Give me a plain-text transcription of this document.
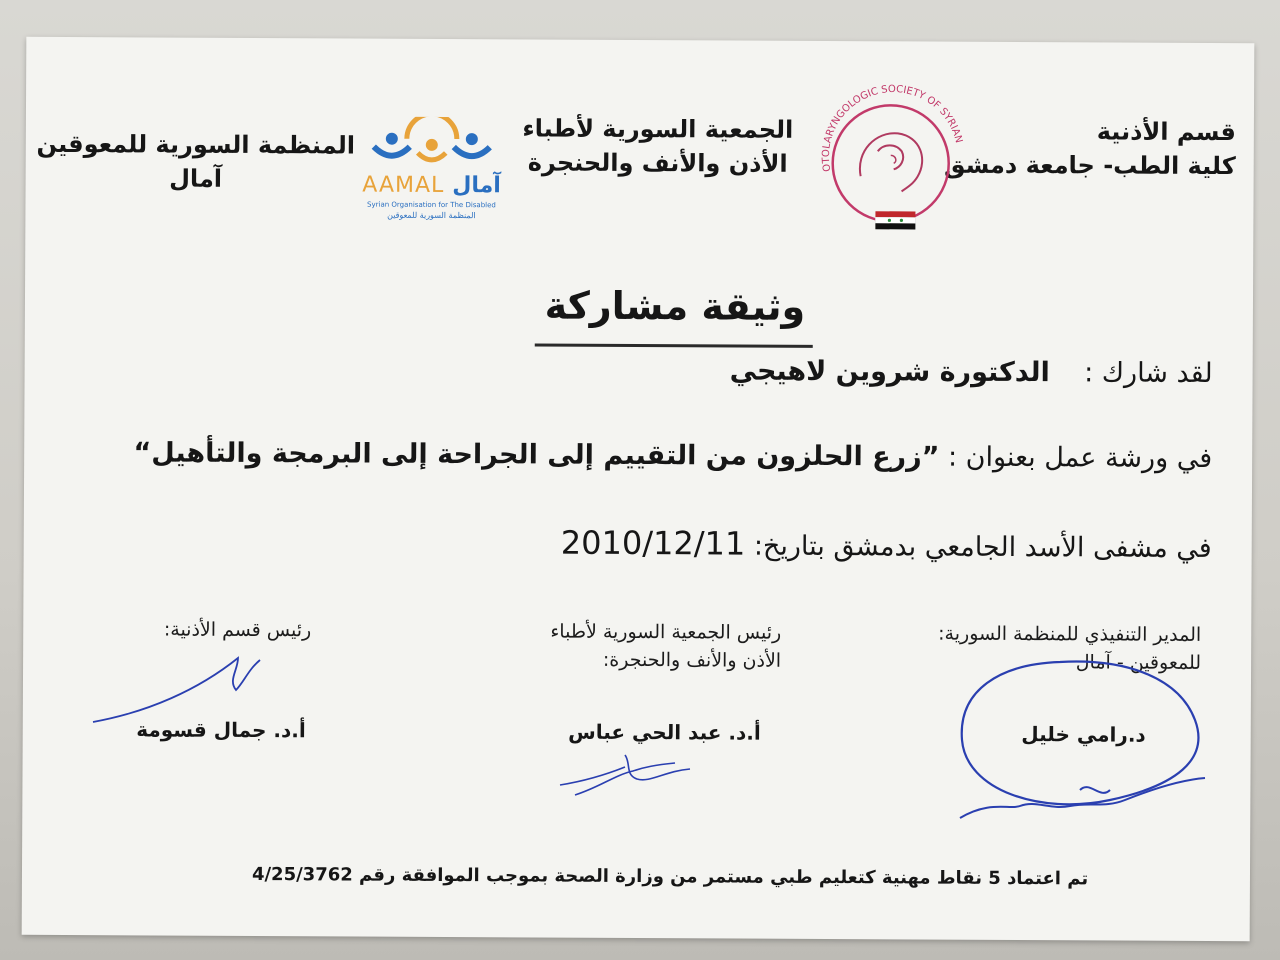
قسم الأذنية
كلية الطب- جامعة دمشق
OTOLARYNGOLOGIC SOCIETY OF SYRIAN
الجمعية السورية لأطباء
الأذن والأنف والحنجرة
AAMAL آمال
Syrian Organisation for The Disabled
المنظمة السورية للمعوقين
المنظمة السورية للمعوقين
آمال
وثيقة مشاركة
لقد شارك :    الدكتورة شروين لاهيجي
في ورشة عمل بعنوان : ”زرع الحلزون من التقييم إلى الجراحة إلى البرمجة والتأهيل“
في مشفى الأسد الجامعي بدمشق بتاريخ: 2010/12/11
المدير التنفيذي للمنظمة السورية:
للمعوقين - آمال
د.رامي خليل
رئيس الجمعية السورية لأطباء
الأذن والأنف والحنجرة:
أ.د. عبد الحي عباس
رئيس قسم الأذنية:
أ.د. جمال قسومة
تم اعتماد 5 نقاط مهنية كتعليم طبي مستمر من وزارة الصحة بموجب الموافقة رقم 4/25/3762
